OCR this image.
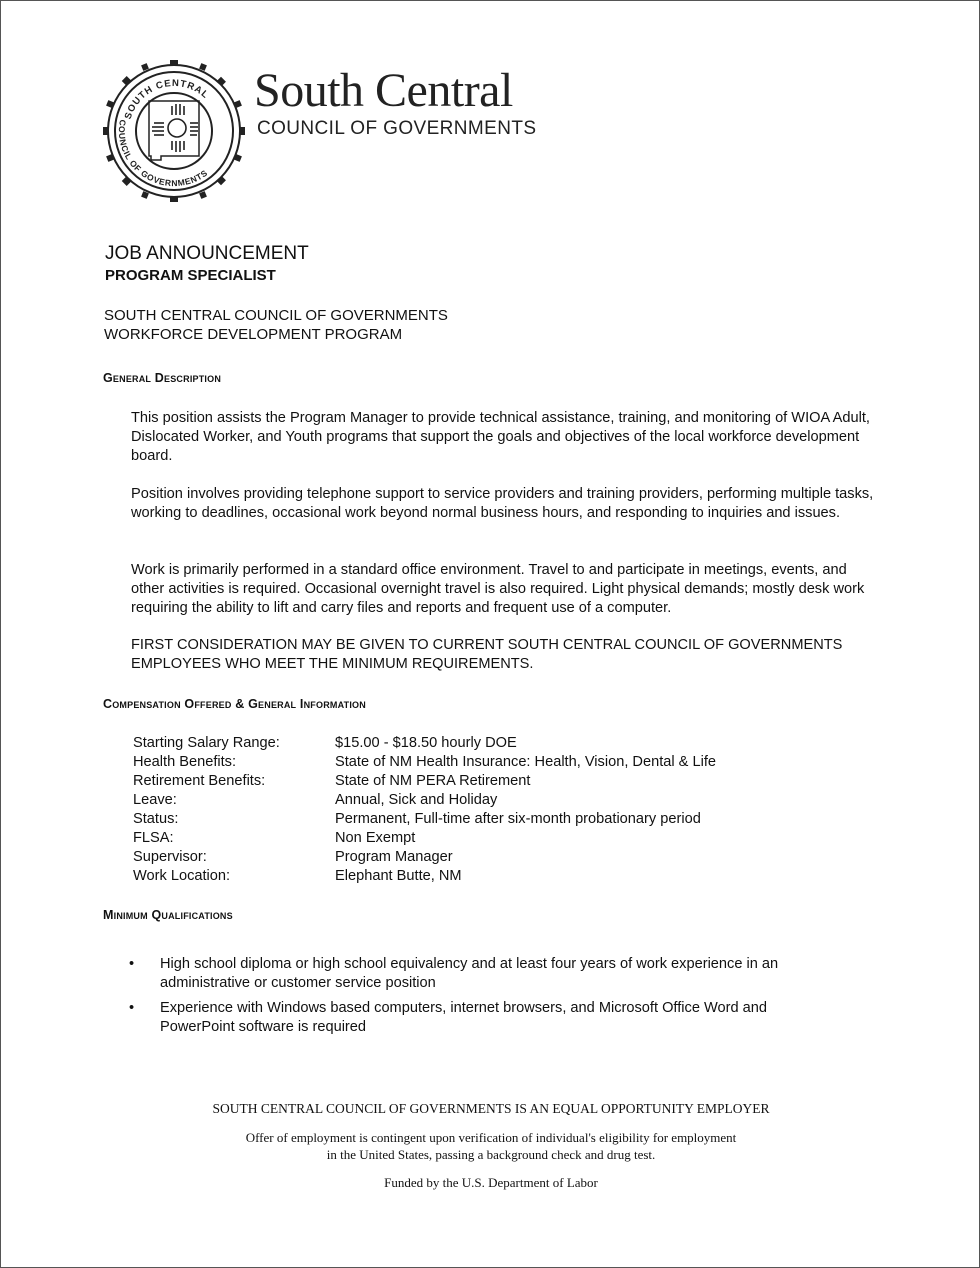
SOUTH CENTRAL
COUNCIL OF GOVERNMENTS
South Central
COUNCIL OF GOVERNMENTS
JOB ANNOUNCEMENT
PROGRAM SPECIALIST
SOUTH CENTRAL COUNCIL OF GOVERNMENTS
WORKFORCE DEVELOPMENT PROGRAM
General Description
This position assists the Program Manager to provide technical assistance, training, and monitoring of WIOA Adult, Dislocated Worker, and Youth programs that support the goals and objectives of the local workforce development board.
Position involves providing telephone support to service providers and training providers, performing multiple tasks, working to deadlines, occasional work beyond normal business hours, and responding to inquiries and issues.
Work is primarily performed in a standard office environment. Travel to and participate in meetings, events, and other activities is required. Occasional overnight travel is also required. Light physical demands; mostly desk work requiring the ability to lift and carry files and reports and frequent use of a computer.
FIRST CONSIDERATION MAY BE GIVEN TO CURRENT SOUTH CENTRAL COUNCIL OF GOVERNMENTS EMPLOYEES WHO MEET THE MINIMUM REQUIREMENTS.
Compensation Offered & General Information
Starting Salary Range:	$15.00 - $18.50 hourly DOE
Health Benefits:	State of NM Health Insurance: Health, Vision, Dental & Life
Retirement Benefits:	State of NM PERA Retirement
Leave:	Annual, Sick and Holiday
Status:	Permanent, Full-time after six-month probationary period
FLSA:	Non Exempt
Supervisor:	Program Manager
Work Location:	Elephant Butte, NM
Minimum Qualifications
• High school diploma or high school equivalency and at least four years of work experience in an administrative or customer service position
• Experience with Windows based computers, internet browsers, and Microsoft Office Word and PowerPoint software is required
SOUTH CENTRAL COUNCIL OF GOVERNMENTS IS AN EQUAL OPPORTUNITY EMPLOYER
Offer of employment is contingent upon verification of individual's eligibility for employment
in the United States, passing a background check and drug test.
Funded by the U.S. Department of Labor
